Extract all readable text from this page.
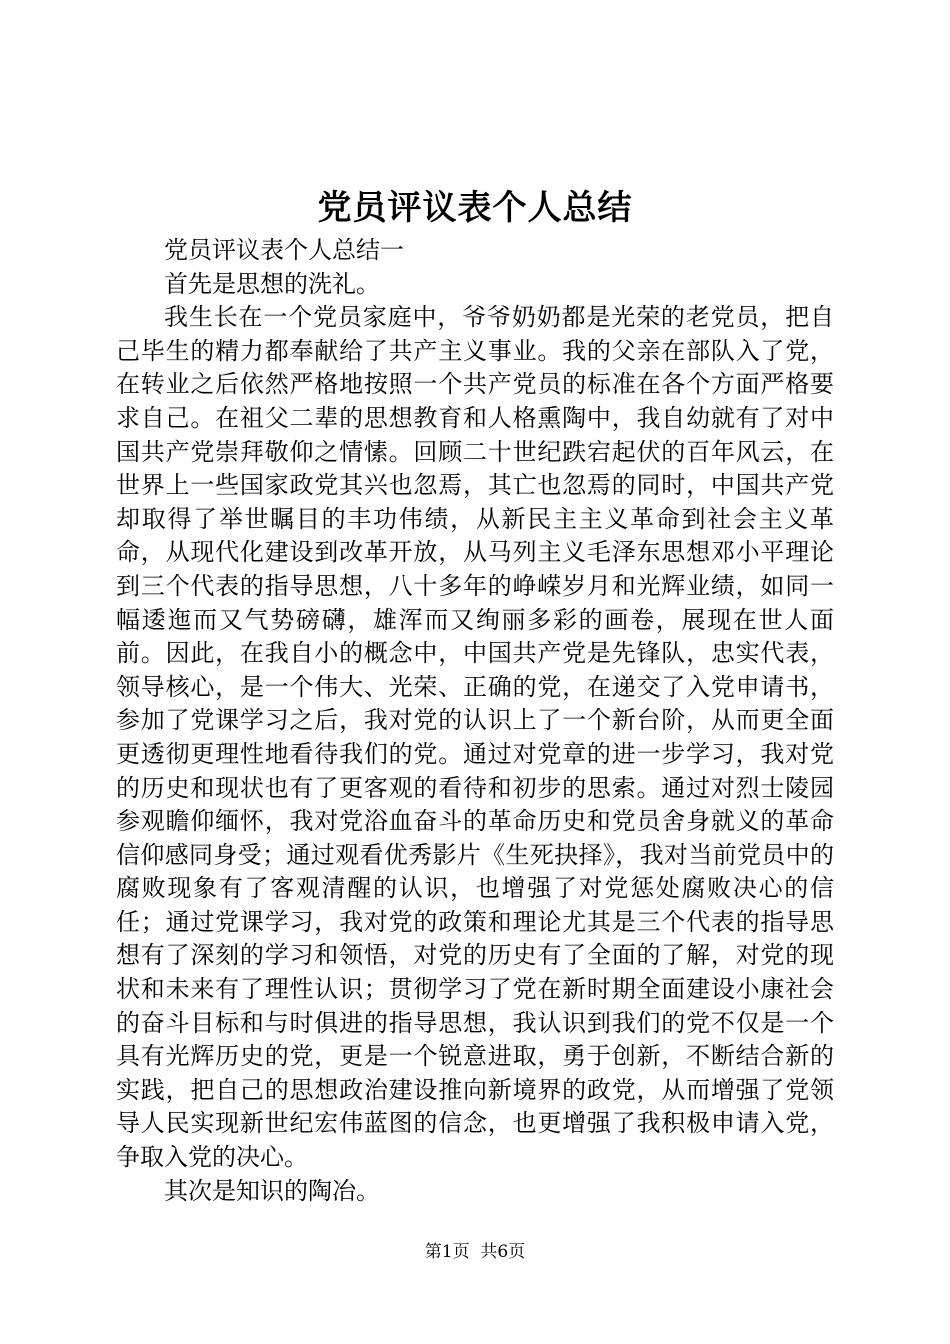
党员评议表个人总结

党员评议表个人总结一

首先是思想的洗礼。

我生长在一个党员家庭中，爷爷奶奶都是光荣的老党员，把自己毕生的精力都奉献给了共产主义事业。我的父亲在部队入了党，在转业之后依然严格地按照一个共产党员的标准在各个方面严格要求自己。在祖父二辈的思想教育和人格熏陶中，我自幼就有了对中国共产党崇拜敬仰之情愫。回顾二十世纪跌宕起伏的百年风云，在世界上一些国家政党其兴也忽焉，其亡也忽焉的同时，中国共产党却取得了举世瞩目的丰功伟绩，从新民主主义革命到社会主义革命，从现代化建设到改革开放，从马列主义毛泽东思想邓小平理论到三个代表的指导思想，八十多年的峥嵘岁月和光辉业绩，如同一幅逶迤而又气势磅礴，雄浑而又绚丽多彩的画卷，展现在世人面前。因此，在我自小的概念中，中国共产党是先锋队，忠实代表，领导核心，是一个伟大、光荣、正确的党，在递交了入党申请书，参加了党课学习之后，我对党的认识上了一个新台阶，从而更全面更透彻更理性地看待我们的党。通过对党章的进一步学习，我对党的历史和现状也有了更客观的看待和初步的思索。通过对烈士陵园参观瞻仰缅怀，我对党浴血奋斗的革命历史和党员舍身就义的革命信仰感同身受；通过观看优秀影片《生死抉择》，我对当前党员中的腐败现象有了客观清醒的认识，也增强了对党惩处腐败决心的信任；通过党课学习，我对党的政策和理论尤其是三个代表的指导思想有了深刻的学习和领悟，对党的历史有了全面的了解，对党的现状和未来有了理性认识；贯彻学习了党在新时期全面建设小康社会的奋斗目标和与时俱进的指导思想，我认识到我们的党不仅是一个具有光辉历史的党，更是一个锐意进取，勇于创新，不断结合新的实践，把自己的思想政治建设推向新境界的政党，从而增强了党领导人民实现新世纪宏伟蓝图的信念，也更增强了我积极申请入党，争取入党的决心。

其次是知识的陶冶。

第1页  共6页
